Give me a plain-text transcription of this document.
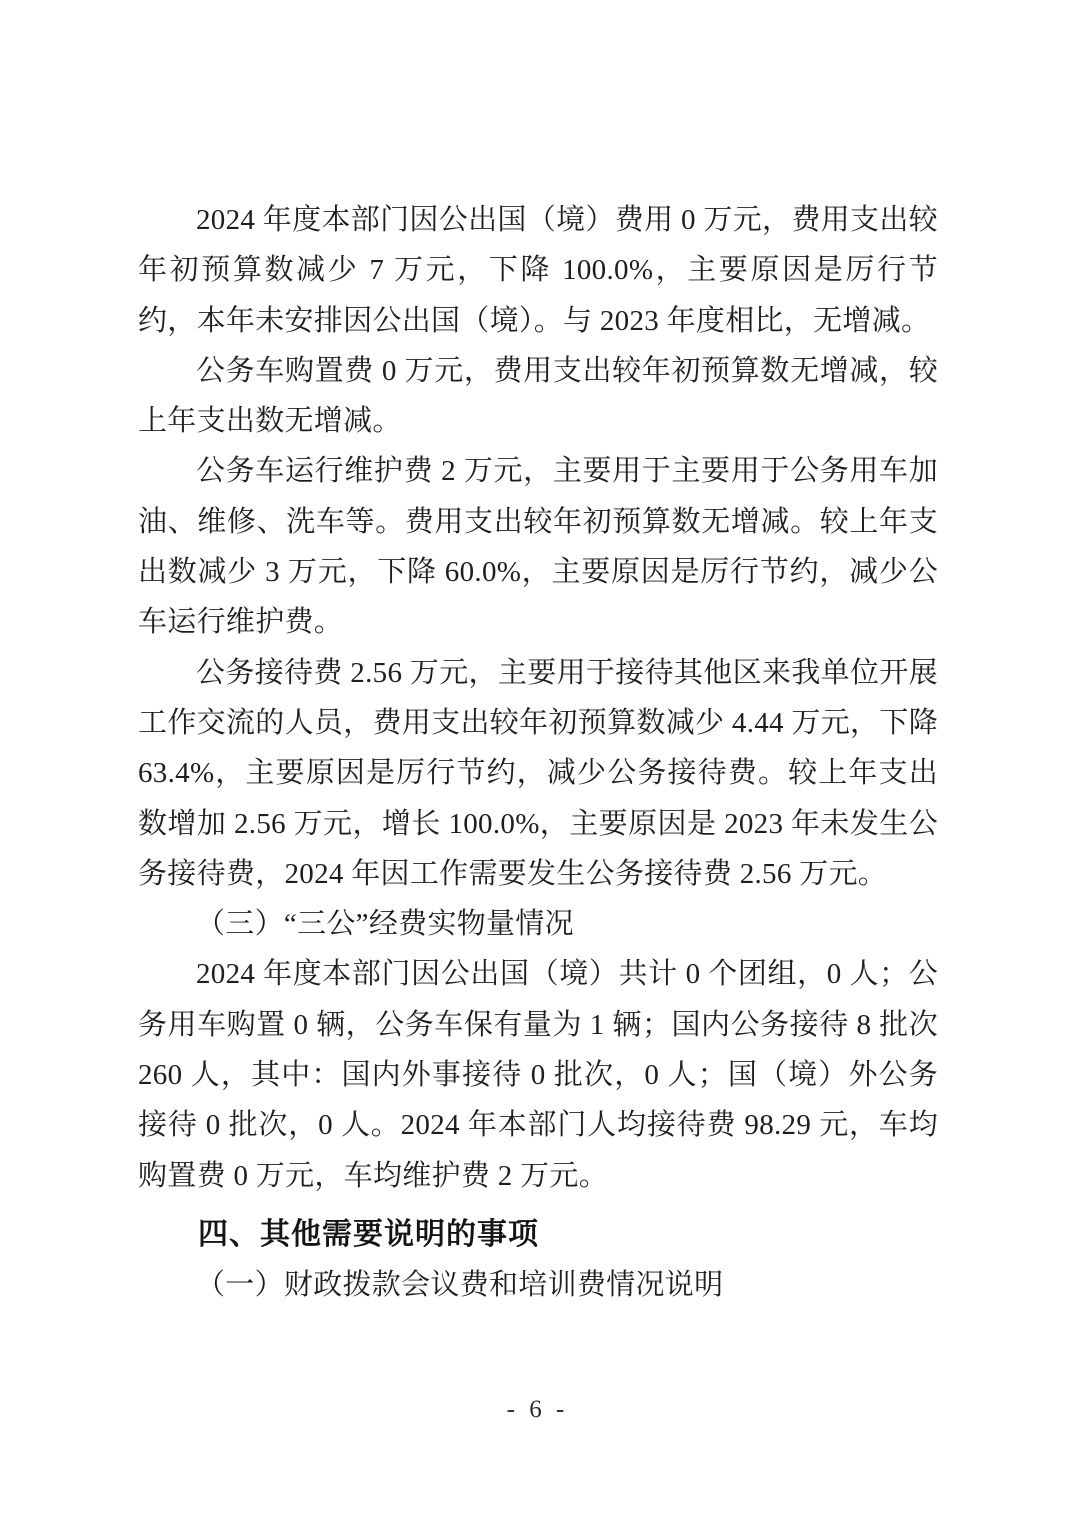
2024 年度本部门因公出国（境）费用 0 万元，费用支出较年初预算数减少 7 万元，下降 100.0%，主要原因是厉行节约，本年未安排因公出国（境）。与 2023 年度相比，无增减。

公务车购置费 0 万元，费用支出较年初预算数无增减，较上年支出数无增减。

公务车运行维护费 2 万元，主要用于主要用于公务用车加油、维修、洗车等。费用支出较年初预算数无增减。较上年支出数减少 3 万元，下降 60.0%，主要原因是厉行节约，减少公车运行维护费。

公务接待费 2.56 万元，主要用于接待其他区来我单位开展工作交流的人员，费用支出较年初预算数减少 4.44 万元，下降 63.4%，主要原因是厉行节约，减少公务接待费。较上年支出数增加 2.56 万元，增长 100.0%，主要原因是 2023 年未发生公务接待费，2024 年因工作需要发生公务接待费 2.56 万元。

（三）“三公”经费实物量情况

2024 年度本部门因公出国（境）共计 0 个团组，0 人；公务用车购置 0 辆，公务车保有量为 1 辆；国内公务接待 8 批次 260 人，其中：国内外事接待 0 批次，0 人；国（境）外公务接待 0 批次，0 人。2024 年本部门人均接待费 98.29 元，车均购置费 0 万元，车均维护费 2 万元。

四、其他需要说明的事项
（一）财政拨款会议费和培训费情况说明
- 6 -
